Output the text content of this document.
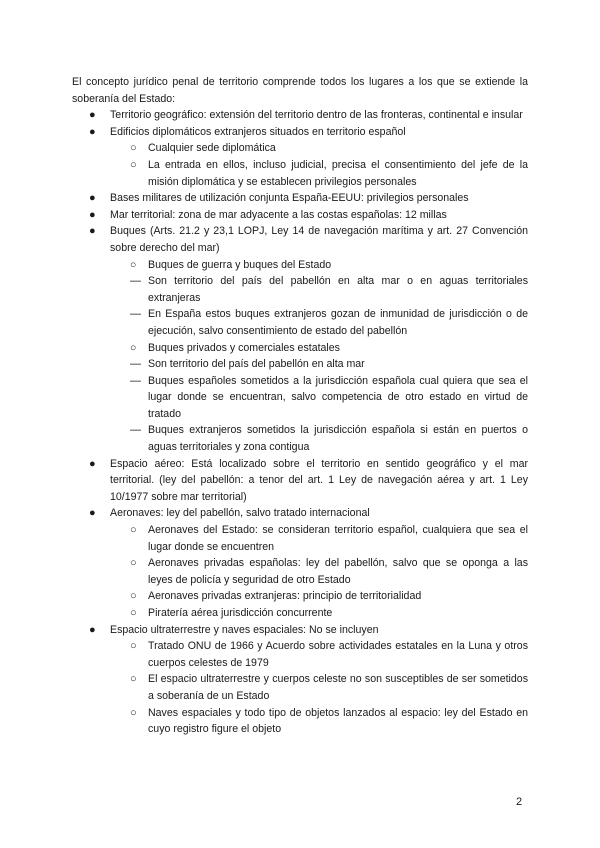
El concepto jurídico penal de territorio comprende todos los lugares a los que se extiende la soberanía del Estado:

● Territorio geográfico: extensión del territorio dentro de las fronteras, continental e insular
● Edificios diplomáticos extranjeros situados en territorio español
○ Cualquier sede diplomática
○ La entrada en ellos, incluso judicial, precisa el consentimiento del jefe de la misión diplomática y se establecen privilegios personales
● Bases militares de utilización conjunta España-EEUU: privilegios personales
● Mar territorial: zona de mar adyacente a las costas españolas: 12 millas
● Buques (Arts. 21.2 y 23,1 LOPJ, Ley 14 de navegación marítima y art. 27 Convención sobre derecho del mar)
○ Buques de guerra y buques del Estado
— Son territorio del país del pabellón en alta mar o en aguas territoriales extranjeras
— En España estos buques extranjeros gozan de inmunidad de jurisdicción o de ejecución, salvo consentimiento de estado del pabellón
○ Buques privados y comerciales estatales
— Son territorio del país del pabellón en alta mar
— Buques españoles sometidos a la jurisdicción española cual quiera que sea el lugar donde se encuentran, salvo competencia de otro estado en virtud de tratado
— Buques extranjeros sometidos la jurisdicción española si están en puertos o aguas territoriales y zona contigua
● Espacio aéreo: Está localizado sobre el territorio en sentido geográfico y el mar territorial. (ley del pabellón: a tenor del art. 1 Ley de navegación aérea y art. 1 Ley 10/1977 sobre mar territorial)
● Aeronaves: ley del pabellón, salvo tratado internacional
○ Aeronaves del Estado: se consideran territorio español, cualquiera que sea el lugar donde se encuentren
○ Aeronaves privadas españolas: ley del pabellón, salvo que se oponga a las leyes de policía y seguridad de otro Estado
○ Aeronaves privadas extranjeras: principio de territorialidad
○ Piratería aérea jurisdicción concurrente
● Espacio ultraterrestre y naves espaciales: No se incluyen
○ Tratado ONU de 1966 y Acuerdo sobre actividades estatales en la Luna y otros cuerpos celestes de 1979
○ El espacio ultraterrestre y cuerpos celeste no son susceptibles de ser sometidos a soberanía de un Estado
○ Naves espaciales y todo tipo de objetos lanzados al espacio: ley del Estado en cuyo registro figure el objeto
2
